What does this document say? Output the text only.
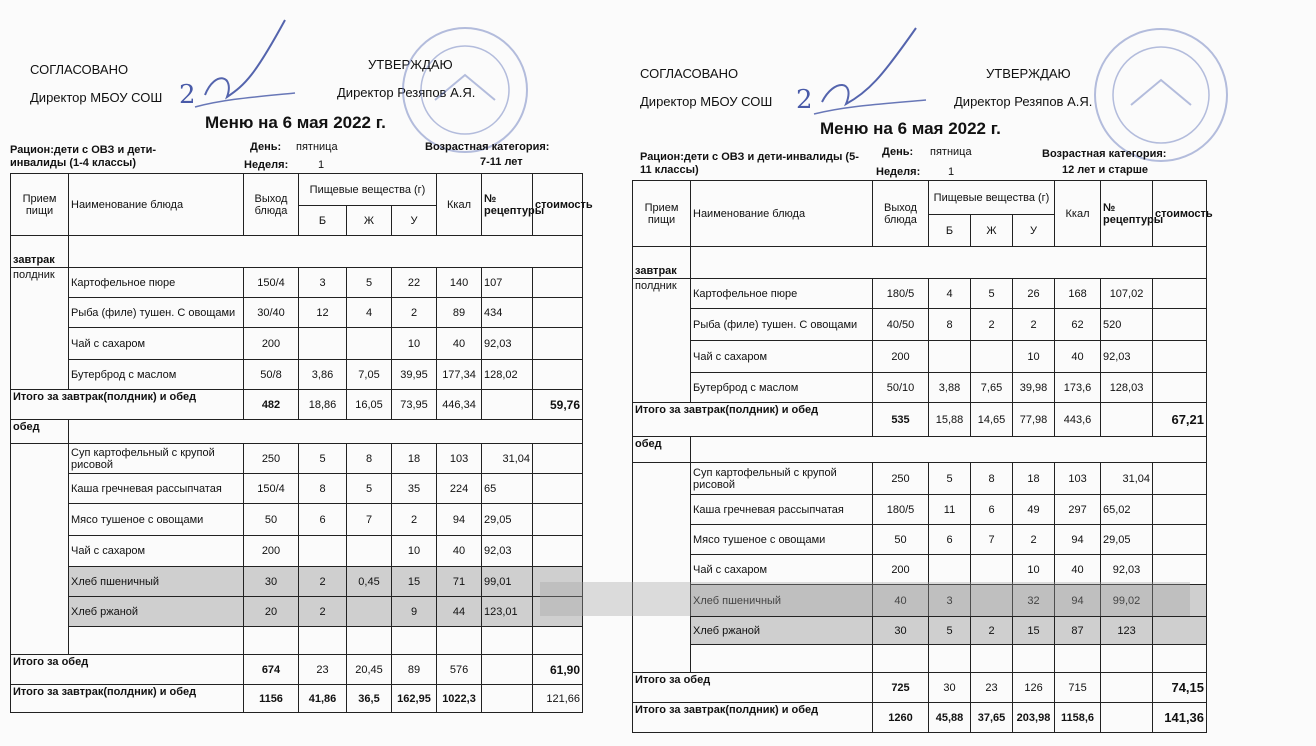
СОГЛАСОВАНО	УТВЕРЖДАЮ
Директор МБОУ СОШ	Директор Резяпов А.Я.
2
Меню на 6 мая 2022 г.
Рацион:дети с ОВЗ и дети-инвалиды (1-4 классы)
День: пятница
Неделя:	1
Возрастная категория:
7-11 лет
Прием пищи	Наименование блюда	Выход блюда	Пищевые вещества (г)			Ккал	№ рецептуры	стоимость
			Б	Ж	У			
завтрак								
полдник	Картофельное пюре	150/4	3	5	22	140	107	
	Рыба (филе) тушен. С овощами	30/40	12	4	2	89	434	
	Чай с сахаром	200			10	40	92,03	
	Бутерброд с маслом	50/8	3,86	7,05	39,95	177,34	128,02	
Итого за завтрак(полдник) и обед		482	18,86	16,05	73,95	446,34		59,76
обед								
	Суп картофельный с крупой рисовой	250	5	8	18	103	31,04	
	Каша гречневая рассыпчатая	150/4	8	5	35	224	65	
	Мясо тушеное с овощами	50	6	7	2	94	29,05	
	Чай с сахаром	200			10	40	92,03	
	Хлеб пшеничный	30	2	0,45	15	71	99,01	
	Хлеб ржаной	20	2		9	44	123,01	

Итого за обед		674	23	20,45	89	576		61,90
Итого за завтрак(полдник) и обед		1156	41,86	36,5	162,95	1022,3		121,66
СОГЛАСОВАНО	УТВЕРЖДАЮ
Директор МБОУ СОШ	Директор Резяпов А.Я.
2
Меню на 6 мая 2022 г.
Рацион:дети с ОВЗ и дети-инвалиды (5-11 классы)
День: пятница
Неделя:	1
Возрастная категория:
12 лет и старше
Прием пищи	Наименование блюда	Выход блюда	Пищевые вещества (г)			Ккал	№ рецептуры	стоимость
			Б	Ж	У			
завтрак								
полдник	Картофельное пюре	180/5	4	5	26	168	107,02	
	Рыба (филе) тушен. С овощами	40/50	8	2	2	62	520	
	Чай с сахаром	200			10	40	92,03	
	Бутерброд с маслом	50/10	3,88	7,65	39,98	173,6	128,03	
Итого за завтрак(полдник) и обед		535	15,88	14,65	77,98	443,6		67,21
обед								
	Суп картофельный с крупой рисовой	250	5	8	18	103	31,04	
	Каша гречневая рассыпчатая	180/5	11	6	49	297	65,02	
	Мясо тушеное с овощами	50	6	7	2	94	29,05	
	Чай с сахаром	200			10	40	92,03	
	Хлеб пшеничный	40	3		32	94	99,02	
	Хлеб ржаной	30	5	2	15	87	123	

Итого за обед		725	30	23	126	715		74,15
Итого за завтрак(полдник) и обед		1260	45,88	37,65	203,98	1158,6		141,36
